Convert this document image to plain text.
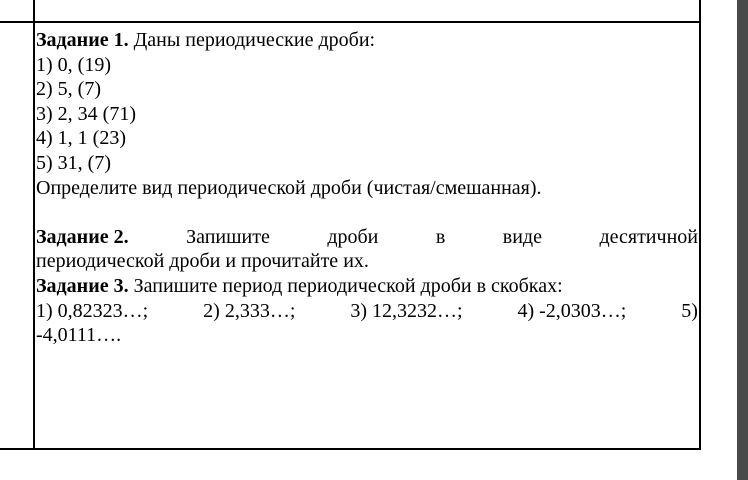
Задание 1. Даны периодические дроби:
1) 0, (19)
2) 5, (7)
3) 2, 34 (71)
4) 1, 1 (23)
5) 31, (7)
Определите вид периодической дроби (чистая/смешанная).
Задание 2.	Запишите	дроби	в	виде	десятичной
периодической дроби и прочитайте их.
Задание 3. Запишите период периодической дроби в скобках:
1) 0,82323…;	2) 2,333…;	3) 12,3232…;	4) -2,0303…;	5)
-4,0111….
